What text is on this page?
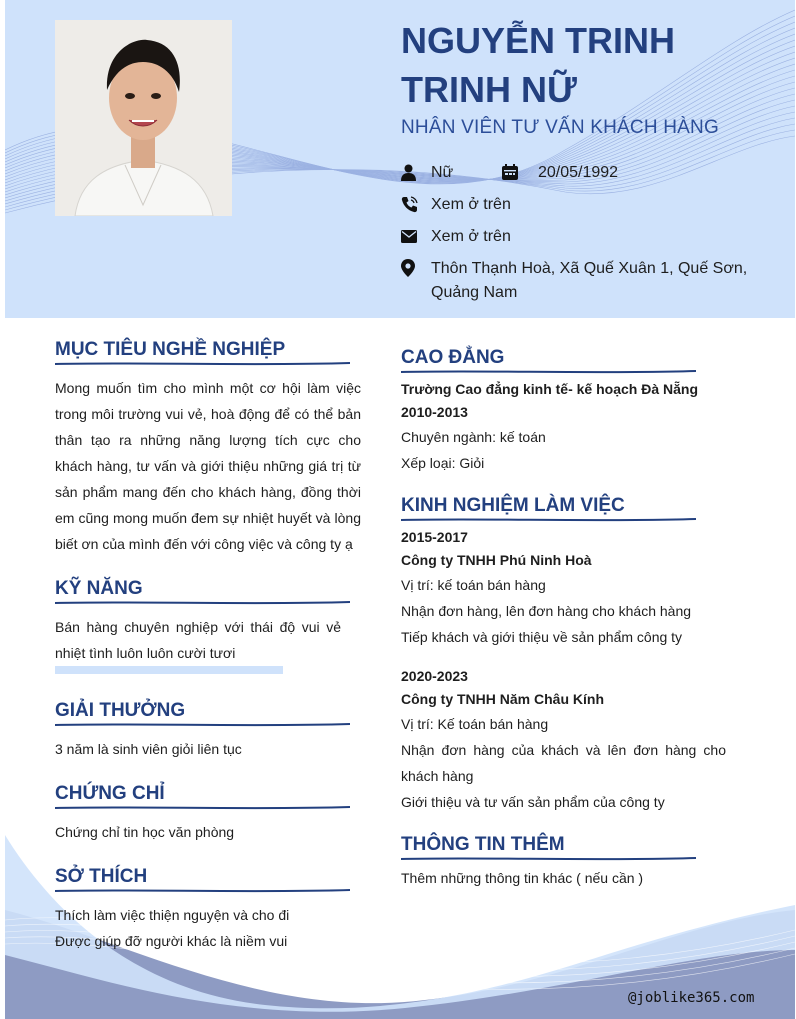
NGUYỄN TRINH TRINH NỮ
NHÂN VIÊN TƯ VẤN KHÁCH HÀNG
Nữ	20/05/1992
Xem ở trên
Xem ở trên
Thôn Thạnh Hoà, Xã Quế Xuân 1, Quế Sơn,
Quảng Nam
MỤC TIÊU NGHỀ NGHIỆP
Mong muốn tìm cho mình một cơ hội làm việc trong môi trường vui vẻ, hoà động để có thể bản thân tạo ra những năng lượng tích cực cho khách hàng, tư vấn và giới thiệu những giá trị từ sản phẩm mang đến cho khách hàng, đồng thời em cũng mong muốn đem sự nhiệt huyết và lòng biết ơn của mình đến với công việc và công ty ạ
KỸ NĂNG
Bán hàng chuyên nghiệp với thái độ vui vẻ nhiệt tình luôn luôn cười tươi
GIẢI THƯỞNG
3 năm là sinh viên giỏi liên tục
CHỨNG CHỈ
Chứng chỉ tin học văn phòng
SỞ THÍCH
Thích làm việc thiện nguyện và cho đi
Được giúp đỡ người khác là niềm vui
CAO ĐẲNG
Trường Cao đẳng kinh tế- kế hoạch Đà Nẵng
2010-2013
Chuyên ngành: kế toán
Xếp loại: Giỏi
KINH NGHIỆM LÀM VIỆC
2015-2017
Công ty TNHH Phú Ninh Hoà
Vị trí: kế toán bán hàng
Nhận đơn hàng, lên đơn hàng cho khách hàng
Tiếp khách và giới thiệu về sản phẩm công ty
2020-2023
Công ty TNHH Năm Châu Kính
Vị trí: Kế toán bán hàng
Nhận đơn hàng của khách và lên đơn hàng cho khách hàng
Giới thiệu và tư vấn sản phẩm của công ty
THÔNG TIN THÊM
Thêm những thông tin khác ( nếu cần )
@joblike365.com
